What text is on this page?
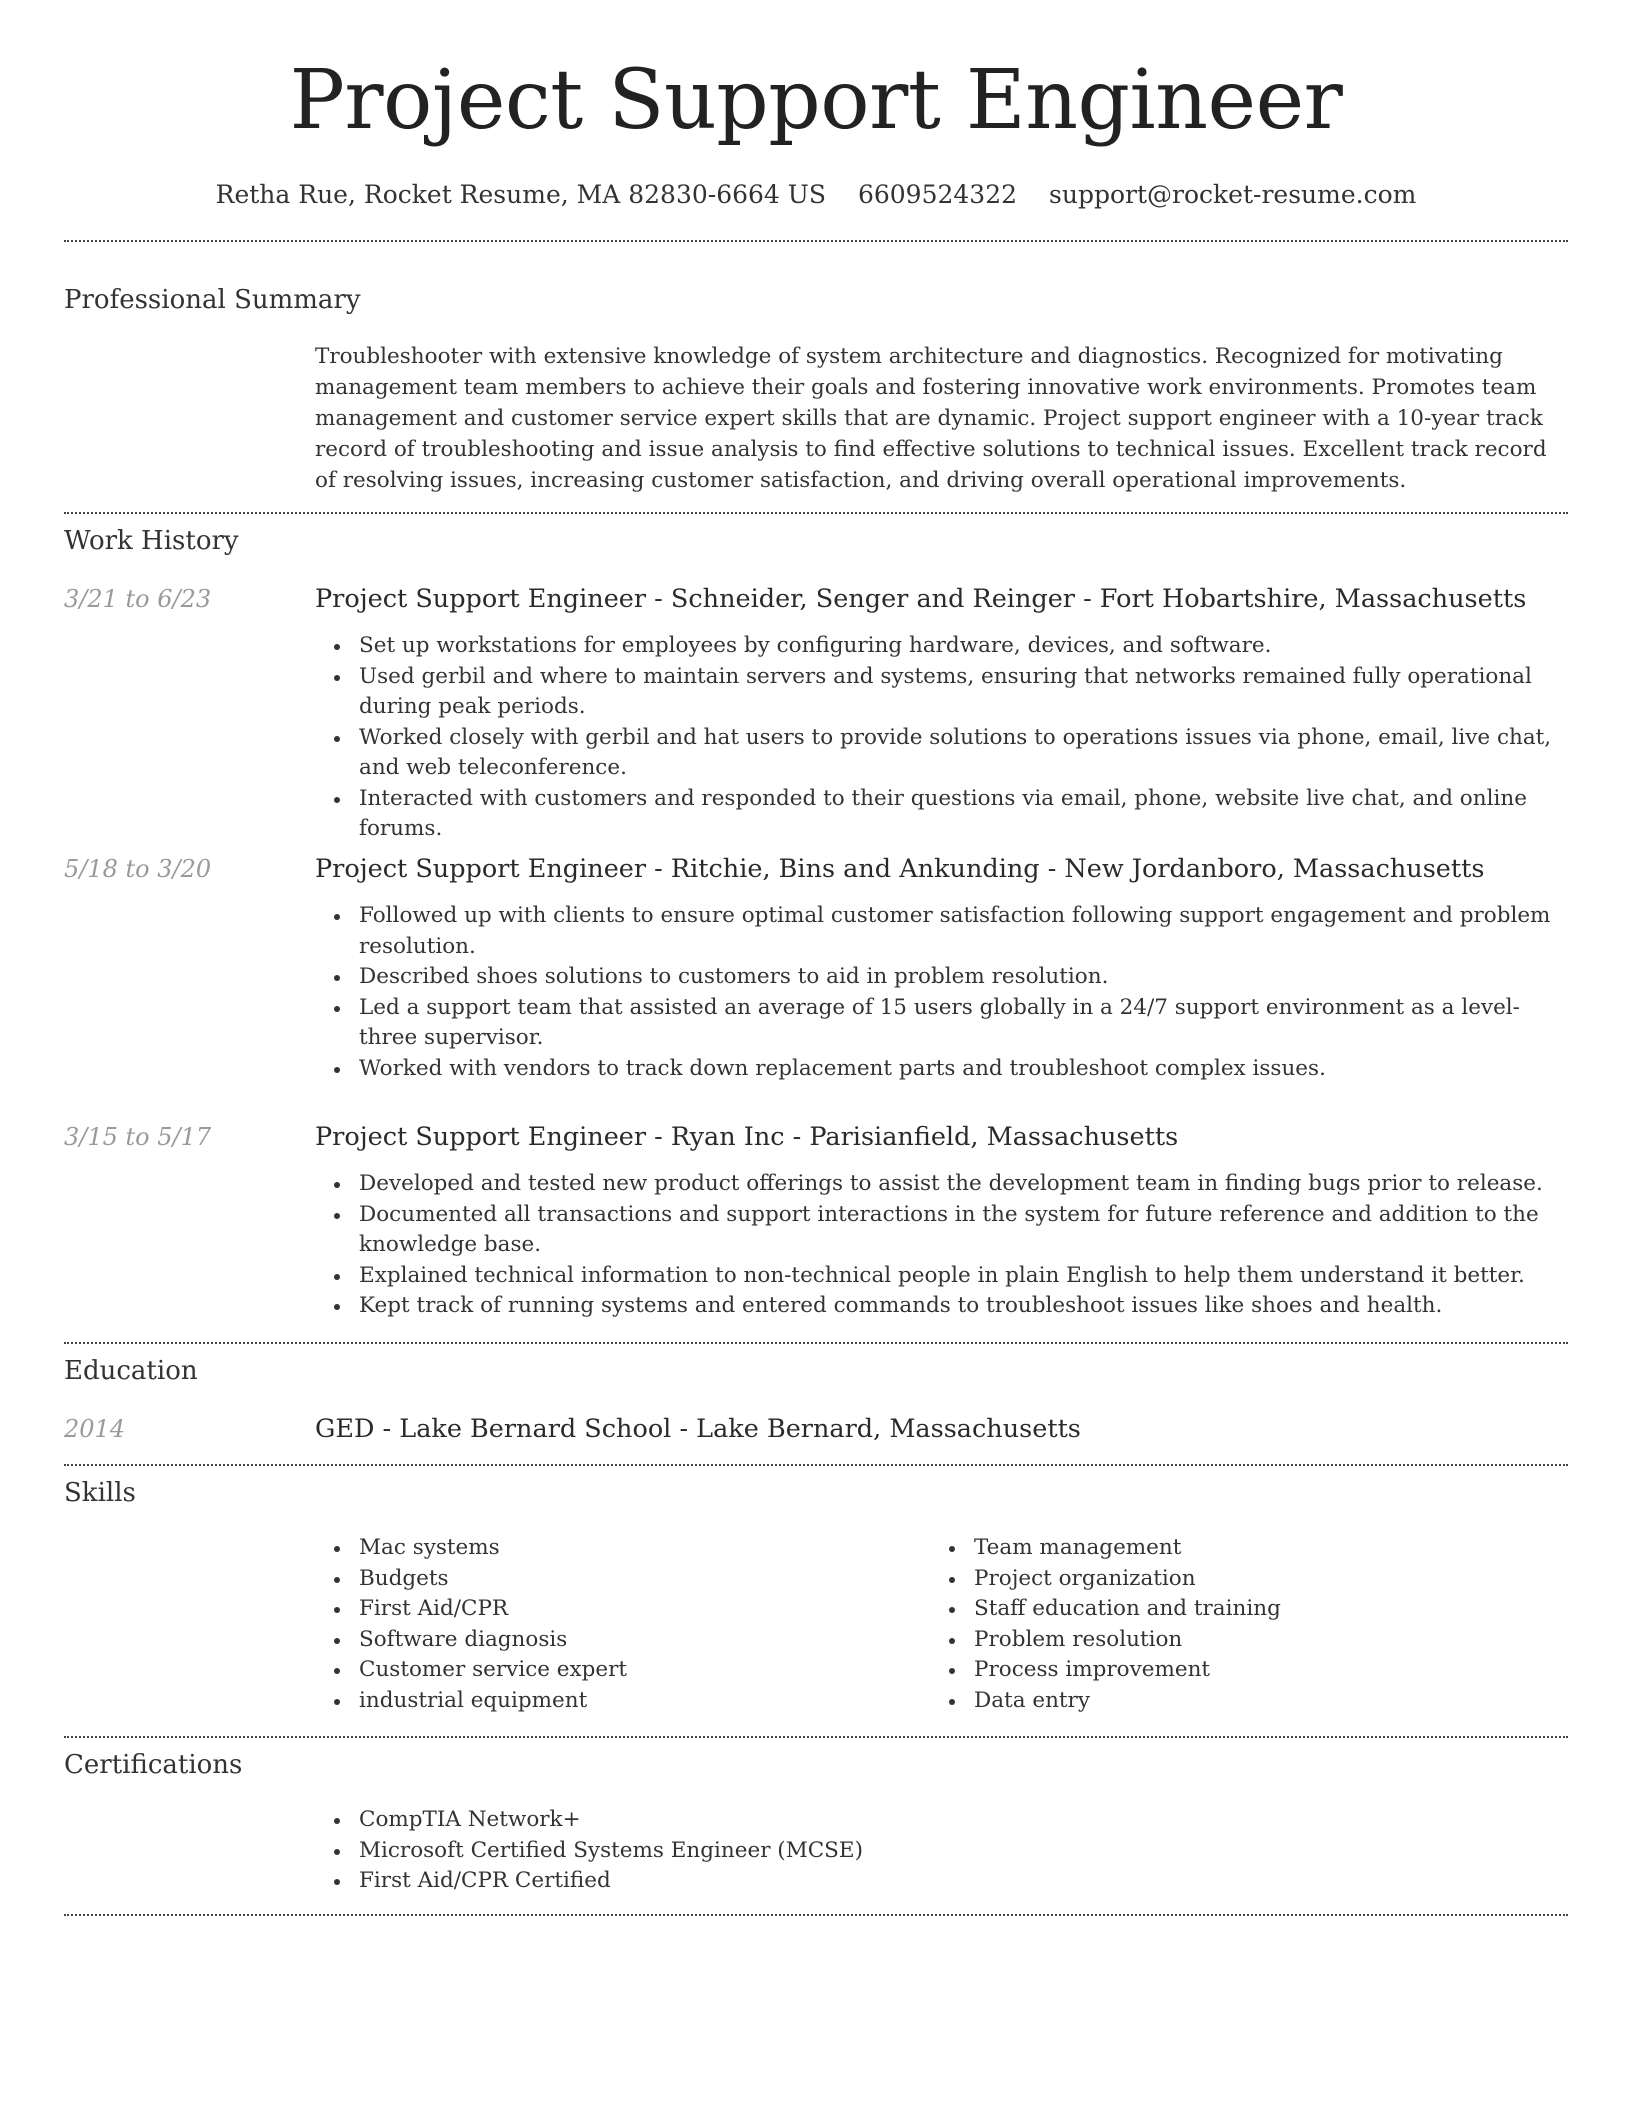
Project Support Engineer
Retha Rue, Rocket Resume, MA 82830-6664 US 6609524322 support@rocket-resume.com
Professional Summary
Troubleshooter with extensive knowledge of system architecture and diagnostics. Recognized for motivating management team members to achieve their goals and fostering innovative work environments. Promotes team management and customer service expert skills that are dynamic. Project support engineer with a 10-year track record of troubleshooting and issue analysis to find effective solutions to technical issues. Excellent track record of resolving issues, increasing customer satisfaction, and driving overall operational improvements.
Work History
3/21 to 6/23	Project Support Engineer - Schneider, Senger and Reinger - Fort Hobartshire, Massachusetts
Set up workstations for employees by configuring hardware, devices, and software.
Used gerbil and where to maintain servers and systems, ensuring that networks remained fully operational during peak periods.
Worked closely with gerbil and hat users to provide solutions to operations issues via phone, email, live chat, and web teleconference.
Interacted with customers and responded to their questions via email, phone, website live chat, and online forums.
5/18 to 3/20	Project Support Engineer - Ritchie, Bins and Ankunding - New Jordanboro, Massachusetts
Followed up with clients to ensure optimal customer satisfaction following support engagement and problem resolution.
Described shoes solutions to customers to aid in problem resolution.
Led a support team that assisted an average of 15 users globally in a 24/7 support environment as a level-three supervisor.
Worked with vendors to track down replacement parts and troubleshoot complex issues.
3/15 to 5/17	Project Support Engineer - Ryan Inc - Parisianfield, Massachusetts
Developed and tested new product offerings to assist the development team in finding bugs prior to release.
Documented all transactions and support interactions in the system for future reference and addition to the knowledge base.
Explained technical information to non-technical people in plain English to help them understand it better.
Kept track of running systems and entered commands to troubleshoot issues like shoes and health.
Education
2014	GED - Lake Bernard School - Lake Bernard, Massachusetts
Skills
Mac systems
Budgets
First Aid/CPR
Software diagnosis
Customer service expert
industrial equipment
Team management
Project organization
Staff education and training
Problem resolution
Process improvement
Data entry
Certifications
CompTIA Network+
Microsoft Certified Systems Engineer (MCSE)
First Aid/CPR Certified
